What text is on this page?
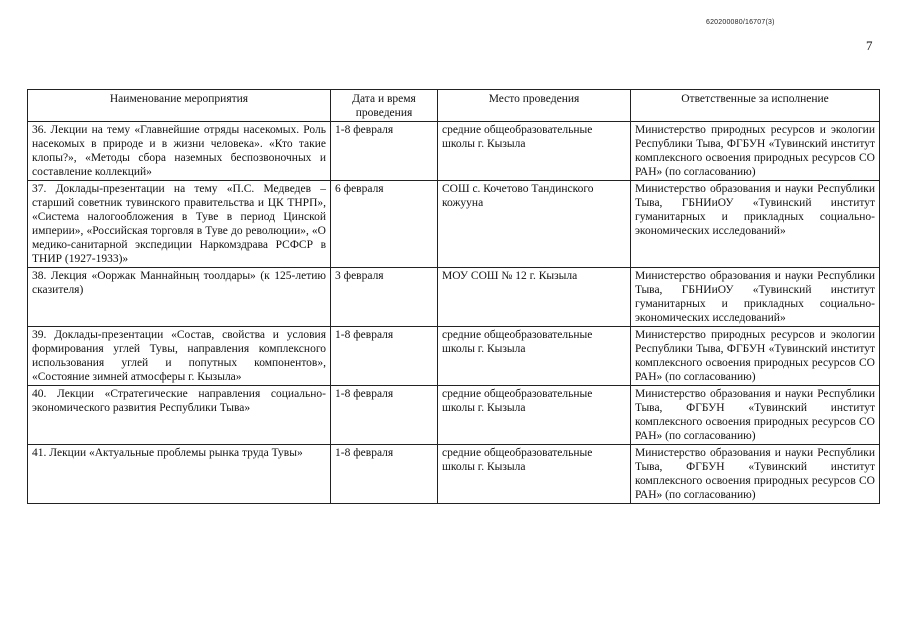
620200080/16707(3)
7
Наименование мероприятия	Дата и время проведения	Место проведения	Ответственные за исполнение
36. Лекции на тему «Главнейшие отряды насекомых. Роль насекомых в природе и в жизни человека». «Кто такие клопы?», «Методы сбора наземных беспозвоночных и составление коллекций»	1-8 февраля	средние общеобразовательные школы г. Кызыла	Министерство природных ресурсов и экологии Республики Тыва, ФГБУН «Тувинский институт комплексного освоения природных ресурсов СО РАН» (по согласованию)
37. Доклады-презентации на тему «П.С. Медведев – старший советник тувинского правительства и ЦК ТНРП», «Система налогообложения в Туве в период Цинской империи», «Российская торговля в Туве до революции», «О медико-санитарной экспедиции Наркомздрава РСФСР в ТНИР (1927-1933)»	6 февраля	СОШ с. Кочетово Тандинского кожууна	Министерство образования и науки Республики Тыва, ГБНИиОУ «Тувинский институт гуманитарных и прикладных социально-экономических исследований»
38. Лекция «Ооржак Маннайның тоолдары» (к 125-летию сказителя)	3 февраля	МОУ СОШ № 12 г. Кызыла	Министерство образования и науки Республики Тыва, ГБНИиОУ «Тувинский институт гуманитарных и прикладных социально-экономических исследований»
39. Доклады-презентации «Состав, свойства и условия формирования углей Тувы, направления комплексного использования углей и попутных компонентов», «Состояние зимней атмосферы г. Кызыла»	1-8 февраля	средние общеобразовательные школы г. Кызыла	Министерство природных ресурсов и экологии Республики Тыва, ФГБУН «Тувинский институт комплексного освоения природных ресурсов СО РАН» (по согласованию)
40. Лекции «Стратегические направления социально-экономического развития Республики Тыва»	1-8 февраля	средние общеобразовательные школы г. Кызыла	Министерство образования и науки Республики Тыва, ФГБУН «Тувинский институт комплексного освоения природных ресурсов СО РАН» (по согласованию)
41. Лекции «Актуальные проблемы рынка труда Тувы»	1-8 февраля	средние общеобразовательные школы г. Кызыла	Министерство образования и науки Республики Тыва, ФГБУН «Тувинский институт комплексного освоения природных ресурсов СО РАН» (по согласованию)
